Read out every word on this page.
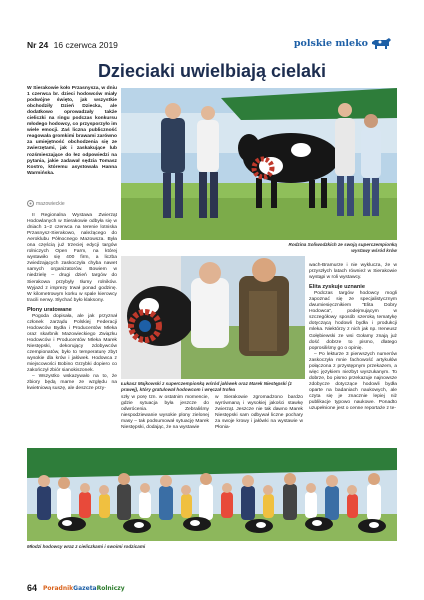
Nr 24 16 czerwca 2019	polskie mleko
Dzieciaki uwielbiają cielaki

W Sierakowie koło Przasnysza, w dniu 1 czerwca br. dzieci hodowców miały podwójne święto, jak wszystkie obchodziły Dzień Dziecka, ale dodatkowo oprowadzały także cieliczki na ringu podczas konkursu młodego hodowcy, co przysporzyło im wiele emocji. Zaś liczna publiczność reagowała gromkimi brawami zarówno za umiejętność obchodzenia się ze zwierzętami, jak i zaskakujące lub rozśmieszające do łez odpowiedzi na pytania, jakie zadawał sędzia Tomasz Kostro, któremu asystowała Hanna Warmińska.

mazowieckie
Rodzina Soliwodzkich ze swoją superczempionką wystawy wśród krów

II Regionalna Wystawa Zwierząt Hodowlanych w Sierakowie odbyła się w dniach 1–2 czerwca na terenie lotniska Przasnysz-Sierakowo, należącego do Aeroklubu Północnego Mazowsza. Była ona częścią już trzeciej edycji targów rolniczych Open Farm, na której wystawiło się 400 firm, a liczba zwiedzających zaskoczyła chyba nawet samych organizatorów. Bowiem w niedzielę – drugi dzień targów do Sierakowa przybyły tłumy rolników. Wyjazd z imprezy trwał ponad godzinę. W kilometrowym korku w spale kierowcy tracili nerwy. Słychać było klaksony.

Płony uratowane

Pogoda dopisała, ale jak przyznał członek zarządu Polskiej Federacji Hodowców Bydła i Producentów Mleka oraz skarbnik Mazowieckiego Związku Hodowców i Producentów Mleka Marek Niestępski, dekorujący zdobywców czempionatów, było to temperaturę zbyt wysokie dla krów i jałówek. Hodowca z miejscowości Bobino Grzybki dopiero co zakończył zbiór sianokiszonek.

– Wszystko wskazywało na to, że zbiory będą marne ze względu na kwietniową suszę, ale deszcze przy-

Łukasz Majkowski z superczempionką wśród jałówek oraz Marek Niestępski (z prawej), który gratulował hodowcom i wręczał trofea

szły w porę tzn. w ostatnim momencie, gdzie sytuacja była jeszcze do odwrócenia. Zebraliśmy niespodziewanie wysokie plony zielonej masy – tak podsumował sytuację Marek Niestępski, dodając, że na wystawie

w Sierakowie zgromadzono bardzo wyrównaną i wysokiej jakości stawkę zwierząt. Jeszcze nie tak dawno Marek Niestępski sam odbywał liczne pochary za swoje krowy i jałówki na wystawie w Płonia-

wach-Bramurze i nie wykluczа, że w przyszłych latach również w Sierakowie wystąpi w roli wystawcy.

Elita zyskuje uznanie

Podczas targów hodowcy mogli zapoznać się ze specjalistycznym dwumiesięcznikiem "Elita Dobry Hodowca", podejmującym w szczegółowy sposób szeroką tematykę dotyczącą hodowli bydła i produkcji mleka. Niektórzy z nich jak np. Ireneusz Gołębiewski ze wsi Gołamy znają już dość dobrze to pismo, dlatego poprosiliśmy go o opinię.

– Po lekturze 3 pierwszych numerów zaskoczyła mnie fachowość artykułów połączona z przystępnym przekazem, a więc językiem niezbyt wyszukanym. To dobrze, bo pismo przekazuje najnowsze zdobycze dotyczące hodowli bydła oparte na badaniach naukowych, ale czyta się je znacznie lepiej niż publikacje typowo naukowe. Ponadto uzupełnione jest o cenne reportaże z te-

Młodzi hodowcy wraz z cieliczkami i swoimi rodzicami
64 PoradnikGazetaRolniczy
